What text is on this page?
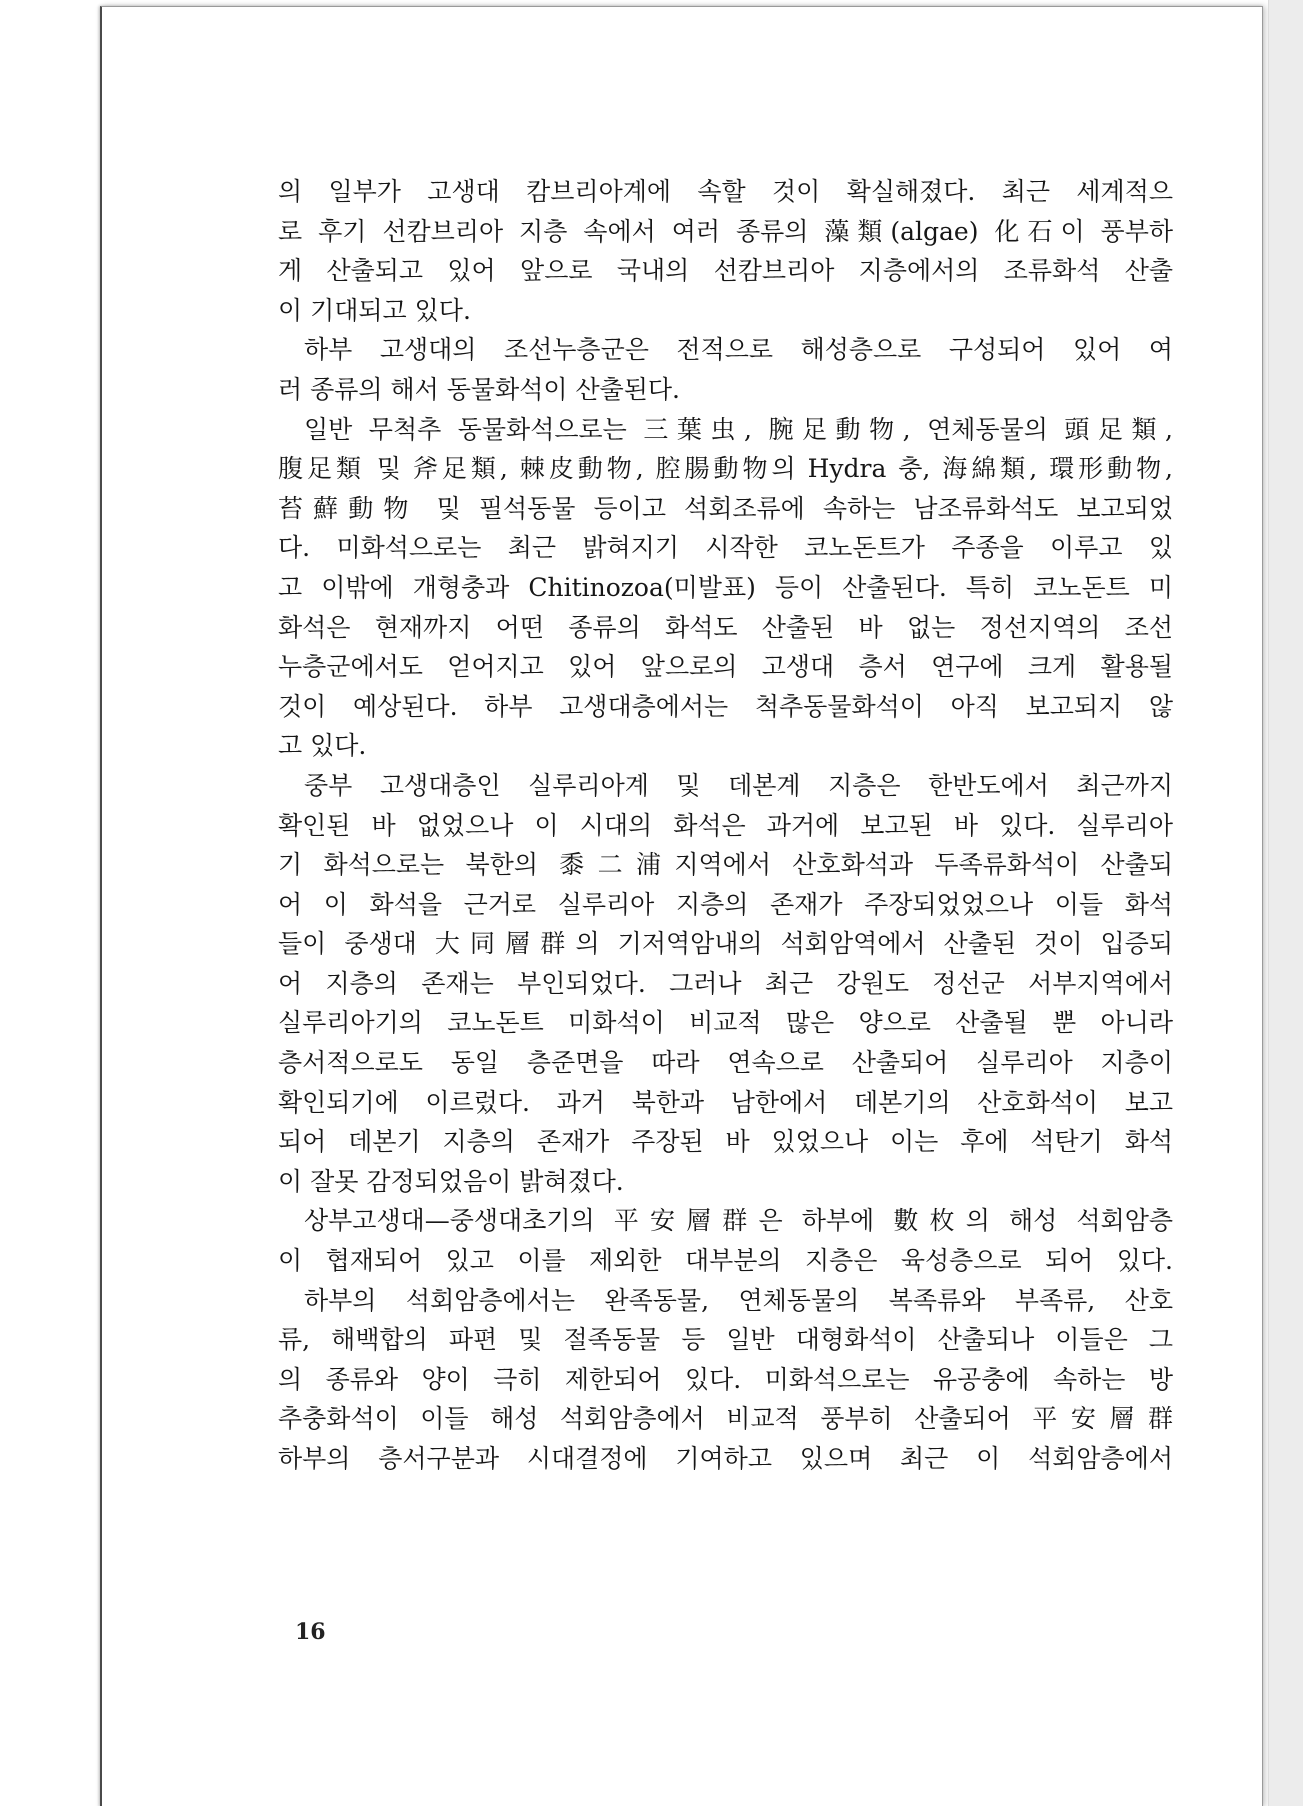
의 일부가 고생대 캄브리아계에 속할 것이 확실해졌다. 최근 세계적으
로 후기 선캄브리아 지층 속에서 여러 종류의 藻類(algae) 化石이 풍부하
게 산출되고 있어 앞으로 국내의 선캄브리아 지층에서의 조류화석 산출
이 기대되고 있다.
하부 고생대의 조선누층군은 전적으로 해성층으로 구성되어 있어 여
러 종류의 해서 동물화석이 산출된다.
일반 무척추 동물화석으로는 三葉虫, 腕足動物, 연체동물의 頭足類,
腹足類 및 斧足類, 棘皮動物, 腔腸動物의 Hydra 충, 海綿類, 環形動物,
苔蘚動物 및 필석동물 등이고 석회조류에 속하는 남조류화석도 보고되었
다. 미화석으로는 최근 밝혀지기 시작한 코노돈트가 주종을 이루고 있
고 이밖에 개형충과 Chitinozoa(미발표) 등이 산출된다. 특히 코노돈트 미
화석은 현재까지 어떤 종류의 화석도 산출된 바 없는 정선지역의 조선
누층군에서도 얻어지고 있어 앞으로의 고생대 층서 연구에 크게 활용될
것이 예상된다. 하부 고생대층에서는 척추동물화석이 아직 보고되지 않
고 있다.
중부 고생대층인 실루리아계 및 데본계 지층은 한반도에서 최근까지
확인된 바 없었으나 이 시대의 화석은 과거에 보고된 바 있다. 실루리아
기 화석으로는 북한의 黍二浦지역에서 산호화석과 두족류화석이 산출되
어 이 화석을 근거로 실루리아 지층의 존재가 주장되었었으나 이들 화석
들이 중생대 大同層群의 기저역암내의 석회암역에서 산출된 것이 입증되
어 지층의 존재는 부인되었다. 그러나 최근 강원도 정선군 서부지역에서
실루리아기의 코노돈트 미화석이 비교적 많은 양으로 산출될 뿐 아니라
층서적으로도 동일 층준면을 따라 연속으로 산출되어 실루리아 지층이
확인되기에 이르렀다. 과거 북한과 남한에서 데본기의 산호화석이 보고
되어 데본기 지층의 존재가 주장된 바 있었으나 이는 후에 석탄기 화석
이 잘못 감정되었음이 밝혀졌다.
상부고생대—중생대초기의 平安層群은 하부에 數枚의 해성 석회암층
이 협재되어 있고 이를 제외한 대부분의 지층은 육성층으로 되어 있다.
하부의 석회암층에서는 완족동물, 연체동물의 복족류와 부족류, 산호
류, 해백합의 파편 및 절족동물 등 일반 대형화석이 산출되나 이들은 그
의 종류와 양이 극히 제한되어 있다. 미화석으로는 유공충에 속하는 방
추충화석이 이들 해성 석회암층에서 비교적 풍부히 산출되어 平安層群
하부의 층서구분과 시대결정에 기여하고 있으며 최근 이 석회암층에서
16
